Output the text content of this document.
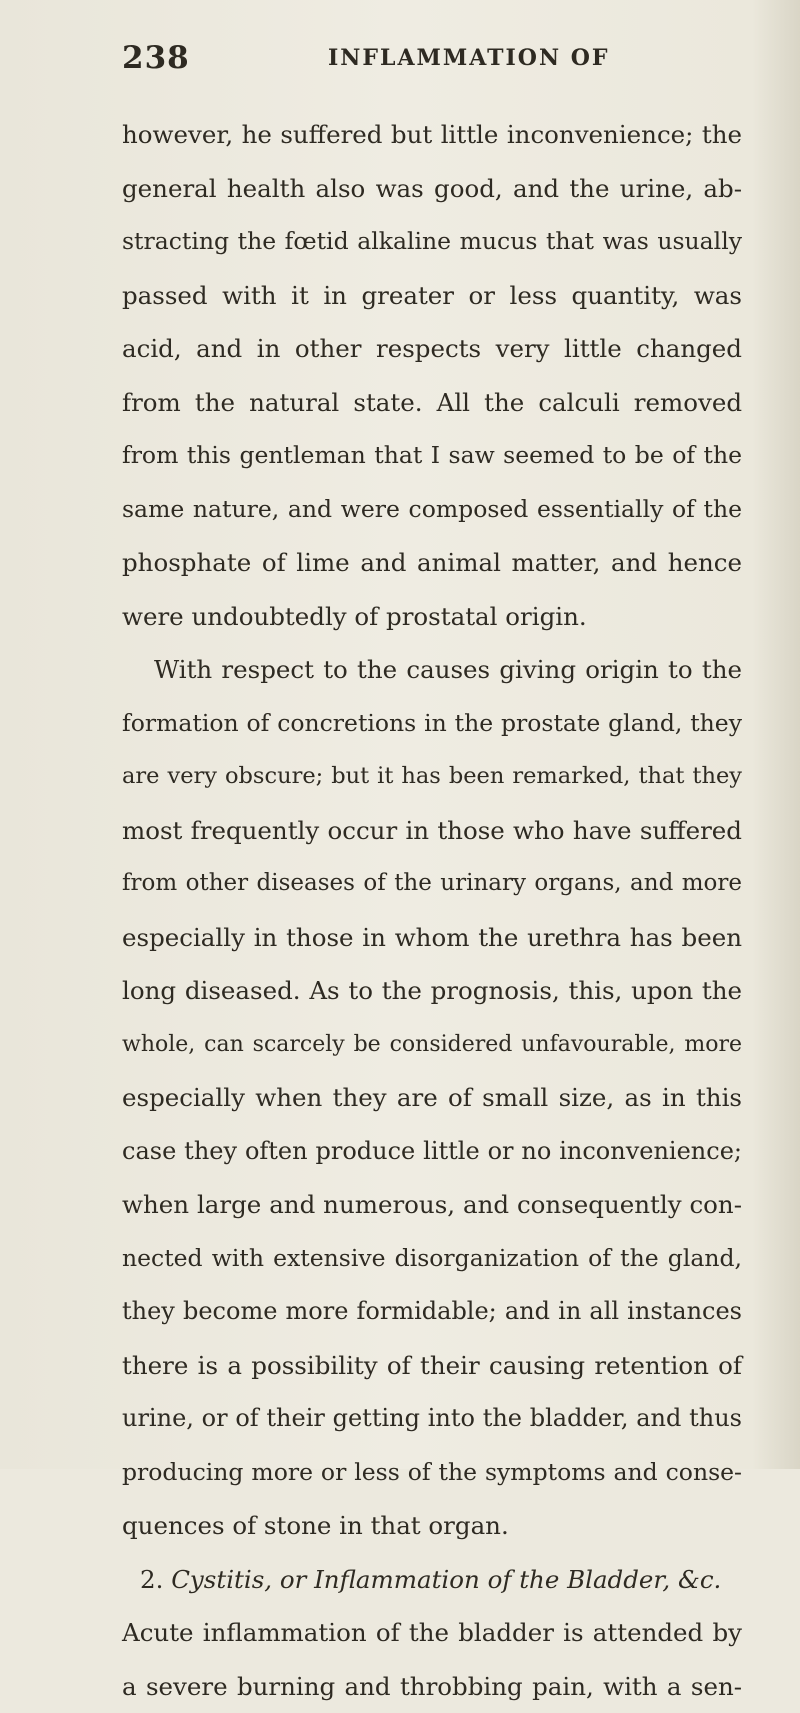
238	INFLAMMATION OF
however, he suffered but little inconvenience; the
general health also was good, and the urine, ab-
stracting the fœtid alkaline mucus that was usually
passed with it in greater or less quantity, was
acid, and in other respects very little changed
from the natural state. All the calculi removed
from this gentleman that I saw seemed to be of the
same nature, and were composed essentially of the
phosphate of lime and animal matter, and hence
were undoubtedly of prostatal origin.
With respect to the causes giving origin to the
formation of concretions in the prostate gland, they
are very obscure; but it has been remarked, that they
most frequently occur in those who have suffered
from other diseases of the urinary organs, and more
especially in those in whom the urethra has been
long diseased. As to the prognosis, this, upon the
whole, can scarcely be considered unfavourable, more
especially when they are of small size, as in this
case they often produce little or no inconvenience;
when large and numerous, and consequently con-
nected with extensive disorganization of the gland,
they become more formidable; and in all instances
there is a possibility of their causing retention of
urine, or of their getting into the bladder, and thus
producing more or less of the symptoms and conse-
quences of stone in that organ.
2. Cystitis, or Inflammation of the Bladder, &c.
Acute inflammation of the bladder is attended by
a severe burning and throbbing pain, with a sen-
